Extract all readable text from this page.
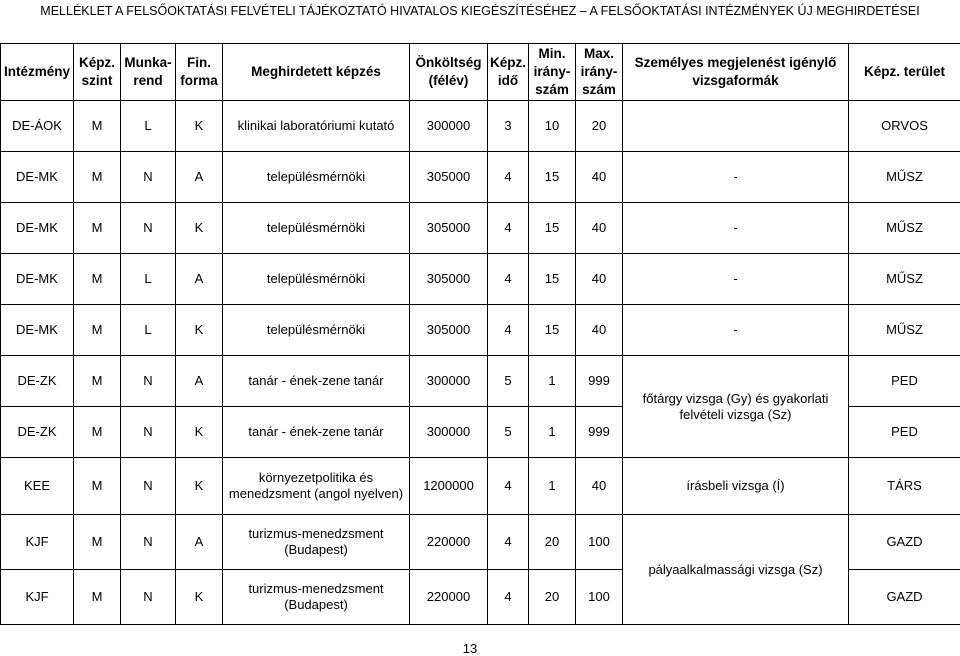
MELLÉKLET A FELSŐOKTATÁSI FELVÉTELI TÁJÉKOZTATÓ HIVATALOS KIEGÉSZÍTÉSÉHEZ – A FELSŐOKTATÁSI INTÉZMÉNYEK ÚJ MEGHIRDETÉSEI
Intézmény	Képz. szint	Munka-rend	Fin. forma	Meghirdetett képzés	Önköltség (félév)	Képz. idő	Min. irány-szám	Max. irány-szám	Személyes megjelenést igénylő vizsgaformák	Képz. terület
DE-ÁOK	M	L	K	klinikai laboratóriumi kutató	300000	3	10	20		ORVOS
DE-MK	M	N	A	településmérnöki	305000	4	15	40	-	MŰSZ
DE-MK	M	N	K	településmérnöki	305000	4	15	40	-	MŰSZ
DE-MK	M	L	A	településmérnöki	305000	4	15	40	-	MŰSZ
DE-MK	M	L	K	településmérnöki	305000	4	15	40	-	MŰSZ
DE-ZK	M	N	A	tanár - ének-zene tanár	300000	5	1	999	főtárgy vizsga (Gy) és gyakorlati felvételi vizsga (Sz)	PED
DE-ZK	M	N	K	tanár - ének-zene tanár	300000	5	1	999		PED
KEE	M	N	K	környezetpolitika és menedzsment (angol nyelven)	1200000	4	1	40	írásbeli vizsga (Í)	TÁRS
KJF	M	N	A	turizmus-menedzsment (Budapest)	220000	4	20	100	pályaalkalmassági vizsga (Sz)	GAZD
KJF	M	N	K	turizmus-menedzsment (Budapest)	220000	4	20	100		GAZD
13
